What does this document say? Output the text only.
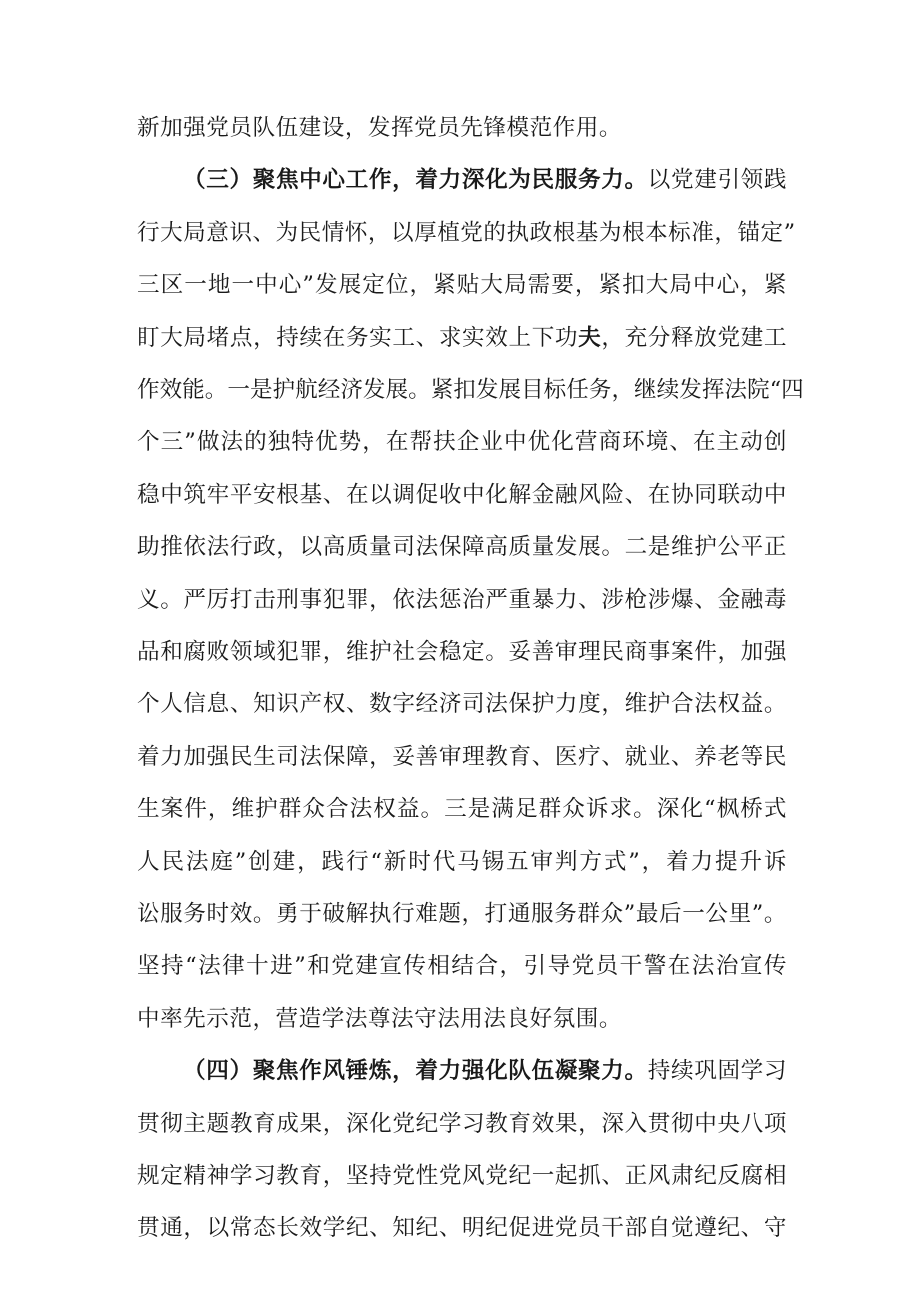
新加强党员队伍建设，发挥党员先锋模范作用。
（三）聚焦中心工作，着力深化为民服务力。以党建引领践
行大局意识、为民情怀，以厚植党的执政根基为根本标准，锚定”
三区一地一中心”发展定位，紧贴大局需要，紧扣大局中心，紧
盯大局堵点，持续在务实工、求实效上下功夫，充分释放党建工
作效能。一是护航经济发展。紧扣发展目标任务，继续发挥法院“四
个三”做法的独特优势，在帮扶企业中优化营商环境、在主动创
稳中筑牢平安根基、在以调促收中化解金融风险、在协同联动中
助推依法行政，以高质量司法保障高质量发展。二是维护公平正
义。严厉打击刑事犯罪，依法惩治严重暴力、涉枪涉爆、金融毒
品和腐败领域犯罪，维护社会稳定。妥善审理民商事案件，加强
个人信息、知识产权、数字经济司法保护力度，维护合法权益。
着力加强民生司法保障，妥善审理教育、医疗、就业、养老等民
生案件，维护群众合法权益。三是满足群众诉求。深化“枫桥式
人民法庭”创建，践行“新时代马锡五审判方式”，着力提升诉
讼服务时效。勇于破解执行难题，打通服务群众”最后一公里”。
坚持“法律十进”和党建宣传相结合，引导党员干警在法治宣传
中率先示范，营造学法尊法守法用法良好氛围。
（四）聚焦作风锤炼，着力强化队伍凝聚力。持续巩固学习
贯彻主题教育成果，深化党纪学习教育效果，深入贯彻中央八项
规定精神学习教育，坚持党性党风党纪一起抓、正风肃纪反腐相
贯通，以常态长效学纪、知纪、明纪促进党员干部自觉遵纪、守
